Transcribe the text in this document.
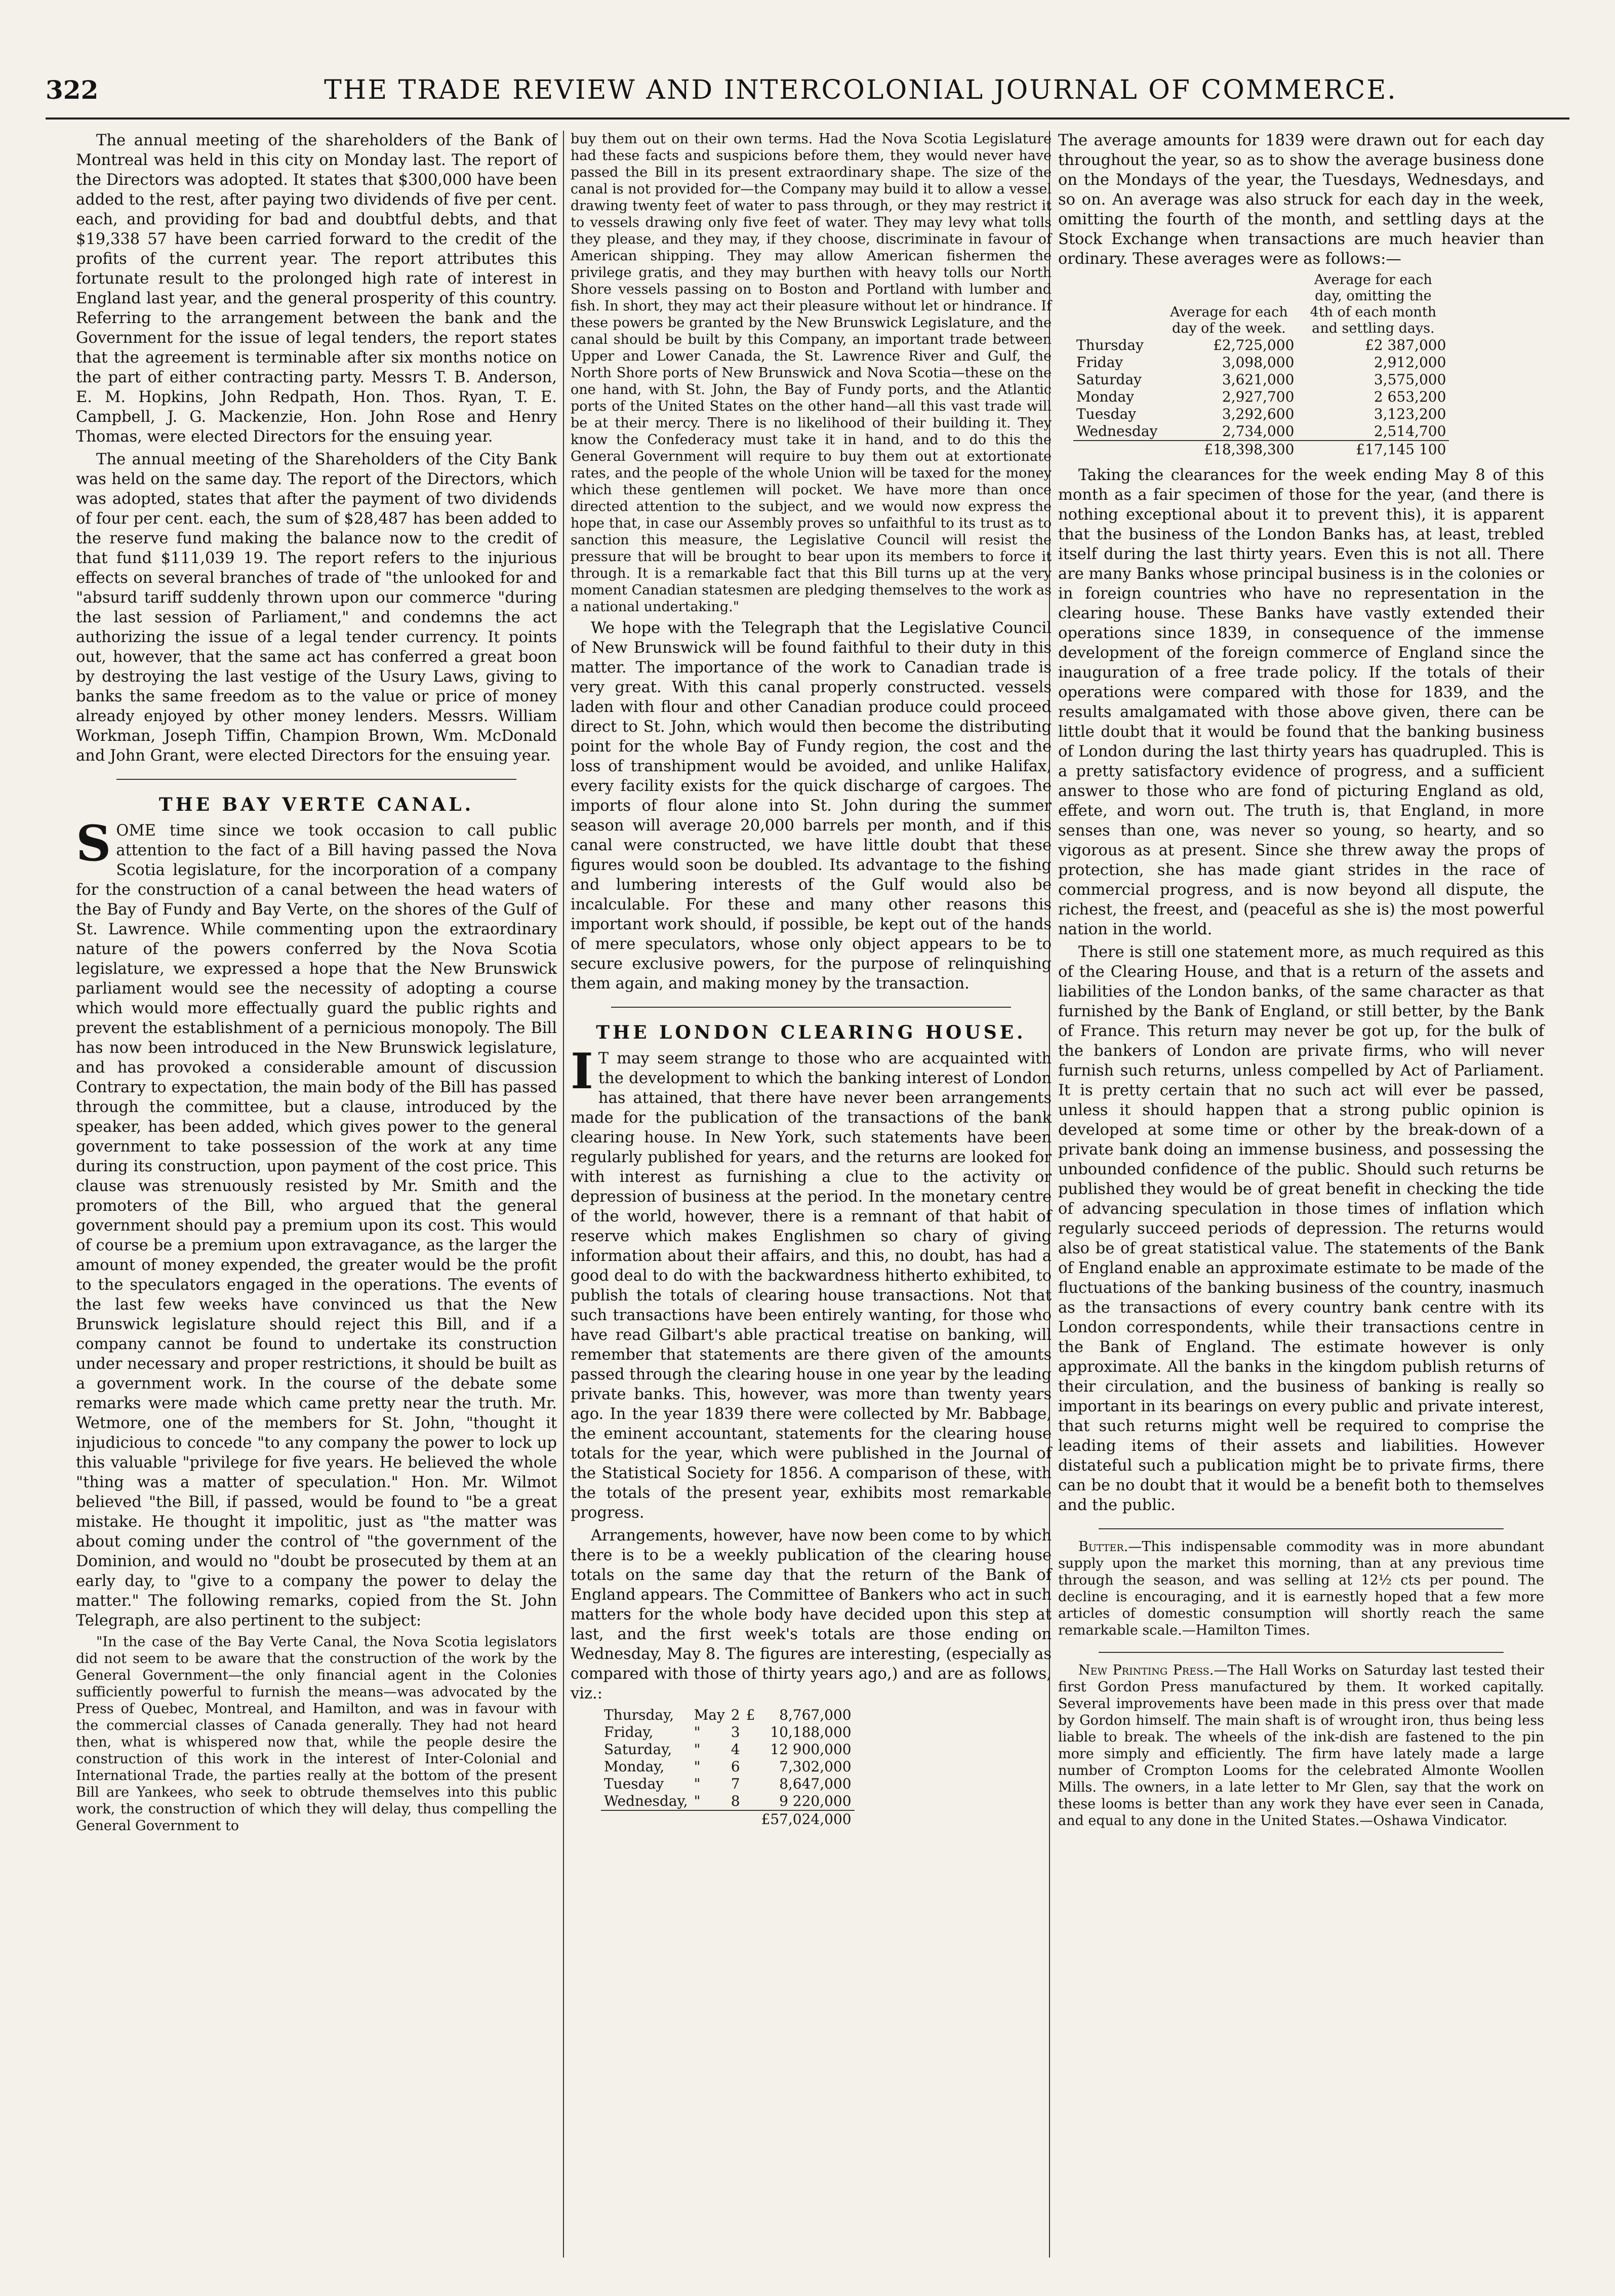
322	THE TRADE REVIEW AND INTERCOLONIAL JOURNAL OF COMMERCE.

The annual meeting of the shareholders of the Bank of Montreal was held in this city on Monday last. The report of the Directors was adopted. It states that $300,000 have been added to the rest, after paying two dividends of five per cent. each, and providing for bad and doubtful debts, and that $19,338 57 have been carried forward to the credit of the profits of the current year. The report attributes this fortunate result to the prolonged high rate of interest in England last year, and the general prosperity of this country. Referring to the arrangement between the bank and the Government for the issue of legal tenders, the report states that the agreement is terminable after six months notice on the part of either contracting party. Messrs T. B. Anderson, E. M. Hopkins, John Redpath, Hon. Thos. Ryan, T. E. Campbell, J. G. Mackenzie, Hon. John Rose and Henry Thomas, were elected Directors for the ensuing year.

The annual meeting of the Shareholders of the City Bank was held on the same day. The report of the Directors, which was adopted, states that after the payment of two dividends of four per cent. each, the sum of $28,487 has been added to the reserve fund making the balance now to the credit of that fund $111,039 19. The report refers to the injurious effects on several branches of trade of "the unlooked for and "absurd tariff suddenly thrown upon our commerce "during the last session of Parliament," and condemns the act authorizing the issue of a legal tender currency. It points out, however, that the same act has conferred a great boon by destroying the last vestige of the Usury Laws, giving to banks the same freedom as to the value or price of money already enjoyed by other money lenders. Messrs. William Workman, Joseph Tiffin, Champion Brown, Wm. McDonald and John Grant, were elected Directors for the ensuing year.

THE BAY VERTE CANAL.

SOME time since we took occasion to call public attention to the fact of a Bill having passed the Nova Scotia legislature, for the incorporation of a company for the construction of a canal between the head waters of the Bay of Fundy and Bay Verte, on the shores of the Gulf of St. Lawrence. While commenting upon the extraordinary nature of the powers conferred by the Nova Scotia legislature, we expressed a hope that the New Brunswick parliament would see the necessity of adopting a course which would more effectually guard the public rights and prevent the establishment of a pernicious monopoly. The Bill has now been introduced in the New Brunswick legislature, and has provoked a considerable amount of discussion Contrary to expectation, the main body of the Bill has passed through the committee, but a clause, introduced by the speaker, has been added, which gives power to the general government to take possession of the work at any time during its construction, upon payment of the cost price. This clause was strenuously resisted by Mr. Smith and the promoters of the Bill, who argued that the general government should pay a premium upon its cost. This would of course be a premium upon extravagance, as the larger the amount of money expended, the greater would be the profit to the speculators engaged in the operations. The events of the last few weeks have convinced us that the New Brunswick legislature should reject this Bill, and if a company cannot be found to undertake its construction under necessary and proper restrictions, it should be built as a government work. In the course of the debate some remarks were made which came pretty near the truth. Mr. Wetmore, one of the members for St. John, "thought it injudicious to concede "to any company the power to lock up this valuable "privilege for five years. He believed the whole "thing was a matter of speculation." Hon. Mr. Wilmot believed "the Bill, if passed, would be found to "be a great mistake. He thought it impolitic, just as "the matter was about coming under the control of "the government of the Dominion, and would no "doubt be prosecuted by them at an early day, to "give to a company the power to delay the matter." The following remarks, copied from the St. John Telegraph, are also pertinent to the subject:

"In the case of the Bay Verte Canal, the Nova Scotia legislators did not seem to be aware that the construction of the work by the General Government—the only financial agent in the Colonies sufficiently powerful to furnish the means—was advocated by the Press of Quebec, Montreal, and Hamilton, and was in favour with the commercial classes of Canada generally. They had not heard then, what is whispered now that, while the people desire the construction of this work in the interest of Inter-Colonial and International Trade, the parties really at the bottom of the present Bill are Yankees, who seek to obtrude themselves into this public work, the construction of which they will delay, thus compelling the General Government to

buy them out on their own terms. Had the Nova Scotia Legislature had these facts and suspicions before them, they would never have passed the Bill in its present extraordinary shape. The size of the canal is not provided for—the Company may build it to allow a vessel drawing twenty feet of water to pass through, or they may restrict it to vessels drawing only five feet of water. They may levy what tolls they please, and they may, if they choose, discriminate in favour of American shipping. They may allow American fishermen the privilege gratis, and they may burthen with heavy tolls our North Shore vessels passing on to Boston and Portland with lumber and fish. In short, they may act their pleasure without let or hindrance. If these powers be granted by the New Brunswick Legislature, and the canal should be built by this Company, an important trade between Upper and Lower Canada, the St. Lawrence River and Gulf, the North Shore ports of New Brunswick and Nova Scotia—these on the one hand, with St. John, the Bay of Fundy ports, and the Atlantic ports of the United States on the other hand—all this vast trade will be at their mercy. There is no likelihood of their building it. They know the Confederacy must take it in hand, and to do this the General Government will require to buy them out at extortionate rates, and the people of the whole Union will be taxed for the money which these gentlemen will pocket. We have more than once directed attention to the subject, and we would now express the hope that, in case our Assembly proves so unfaithful to its trust as to sanction this measure, the Legislative Council will resist the pressure that will be brought to bear upon its members to force it through. It is a remarkable fact that this Bill turns up at the very moment Canadian statesmen are pledging themselves to the work as a national undertaking."

We hope with the Telegraph that the Legislative Council of New Brunswick will be found faithful to their duty in this matter. The importance of the work to Canadian trade is very great. With this canal properly constructed. vessels laden with flour and other Canadian produce could proceed direct to St. John, which would then become the distributing point for the whole Bay of Fundy region, the cost and the loss of transhipment would be avoided, and unlike Halifax, every facility exists for the quick discharge of cargoes. The imports of flour alone into St. John during the summer season will average 20,000 barrels per month, and if this canal were constructed, we have little doubt that these figures would soon be doubled. Its advantage to the fishing and lumbering interests of the Gulf would also be incalculable. For these and many other reasons this important work should, if possible, be kept out of the hands of mere speculators, whose only object appears to be to secure exclusive powers, for the purpose of relinquishing them again, and making money by the transaction.

THE LONDON CLEARING HOUSE.

I T may seem strange to those who are acquainted with the development to which the banking interest of London has attained, that there have never been arrangements made for the publication of the transactions of the bank clearing house. In New York, such statements have been regularly published for years, and the returns are looked for with interest as furnishing a clue to the activity or depression of business at the period. In the monetary centre of the world, however, there is a remnant of that habit of reserve which makes Englishmen so chary of giving information about their affairs, and this, no doubt, has had a good deal to do with the backwardness hitherto exhibited, to publish the totals of clearing house transactions. Not that such transactions have been entirely wanting, for those who have read Gilbart's able practical treatise on banking, will remember that statements are there given of the amounts passed through the clearing house in one year by the leading private banks. This, however, was more than twenty years ago. In the year 1839 there were collected by Mr. Babbage, the eminent accountant, statements for the clearing house totals for the year, which were published in the Journal of the Statistical Society for 1856. A comparison of these, with the totals of the present year, exhibits most remarkable progress.

Arrangements, however, have now been come to by which there is to be a weekly publication of the clearing house totals on the same day that the return of the Bank of England appears. The Committee of Bankers who act in such matters for the whole body have decided upon this step at last, and the first week's totals are those ending on Wednesday, May 8. The figures are interesting, (especially as compared with those of thirty years ago,) and are as follows, viz.:

Thursday,	May	2	£	8,767,000
Friday,	"	3		10,188,000
Saturday,	"	4		12 900,000
Monday,	"	6		7,302,000
Tuesday	"	7		8,647,000
Wednesday,	"	8		9 220,000
				£57,024,000

The average amounts for 1839 were drawn out for each day throughout the year, so as to show the average business done on the Mondays of the year, the Tuesdays, Wednesdays, and so on. An average was also struck for each day in the week, omitting the fourth of the month, and settling days at the Stock Exchange when transactions are much heavier than ordinary. These averages were as follows:—

	Average for each day of the week.	Average for each day, omitting the 4th of each month and settling days.
Thursday	£2,725,000	£2 387,000
Friday	3,098,000	2,912,000
Saturday	3,621,000	3,575,000
Monday	2,927,700	2 653,200
Tuesday	3,292,600	3,123,200
Wednesday	2,734,000	2,514,700
	£18,398,300	£17,145 100

Taking the clearances for the week ending May 8 of this month as a fair specimen of those for the year, (and there is nothing exceptional about it to prevent this), it is apparent that the business of the London Banks has, at least, trebled itself during the last thirty years. Even this is not all. There are many Banks whose principal business is in the colonies or in foreign countries who have no representation in the clearing house. These Banks have vastly extended their operations since 1839, in consequence of the immense development of the foreign commerce of England since the inauguration of a free trade policy. If the totals of their operations were compared with those for 1839, and the results amalgamated with those above given, there can be little doubt that it would be found that the banking business of London during the last thirty years has quadrupled. This is a pretty satisfactory evidence of progress, and a sufficient answer to those who are fond of picturing England as old, effete, and worn out. The truth is, that England, in more senses than one, was never so young, so hearty, and so vigorous as at present. Since she threw away the props of protection, she has made giant strides in the race of commercial progress, and is now beyond all dispute, the richest, the freest, and (peaceful as she is) the most powerful nation in the world.

There is still one statement more, as much required as this of the Clearing House, and that is a return of the assets and liabilities of the London banks, of the same character as that furnished by the Bank of England, or still better, by the Bank of France. This return may never be got up, for the bulk of the bankers of London are private firms, who will never furnish such returns, unless compelled by Act of Parliament. It is pretty certain that no such act will ever be passed, unless it should happen that a strong public opinion is developed at some time or other by the break-down of a private bank doing an immense business, and possessing the unbounded confidence of the public. Should such returns be published they would be of great benefit in checking the tide of advancing speculation in those times of inflation which regularly succeed periods of depression. The returns would also be of great statistical value. The statements of the Bank of England enable an approximate estimate to be made of the fluctuations of the banking business of the country, inasmuch as the transactions of every country bank centre with its London correspondents, while their transactions centre in the Bank of England. The estimate however is only approximate. All the banks in the kingdom publish returns of their circulation, and the business of banking is really so important in its bearings on every public and private interest, that such returns might well be required to comprise the leading items of their assets and liabilities. However distateful such a publication might be to private firms, there can be no doubt that it would be a benefit both to themselves and the public.

Butter.—This indispensable commodity was in more abundant supply upon the market this morning, than at any previous time through the season, and was selling at 12½ cts per pound. The decline is encouraging, and it is earnestly hoped that a few more articles of domestic consumption will shortly reach the same remarkable scale.—Hamilton Times.

New Printing Press.—The Hall Works on Saturday last tested their first Gordon Press manufactured by them. It worked capitally. Several improvements have been made in this press over that made by Gordon himself. The main shaft is of wrought iron, thus being less liable to break. The wheels of the ink-dish are fastened to the pin more simply and efficiently. The firm have lately made a large number of Crompton Looms for the celebrated Almonte Woollen Mills. The owners, in a late letter to Mr Glen, say that the work on these looms is better than any work they have ever seen in Canada, and equal to any done in the United States.—Oshawa Vindicator.
